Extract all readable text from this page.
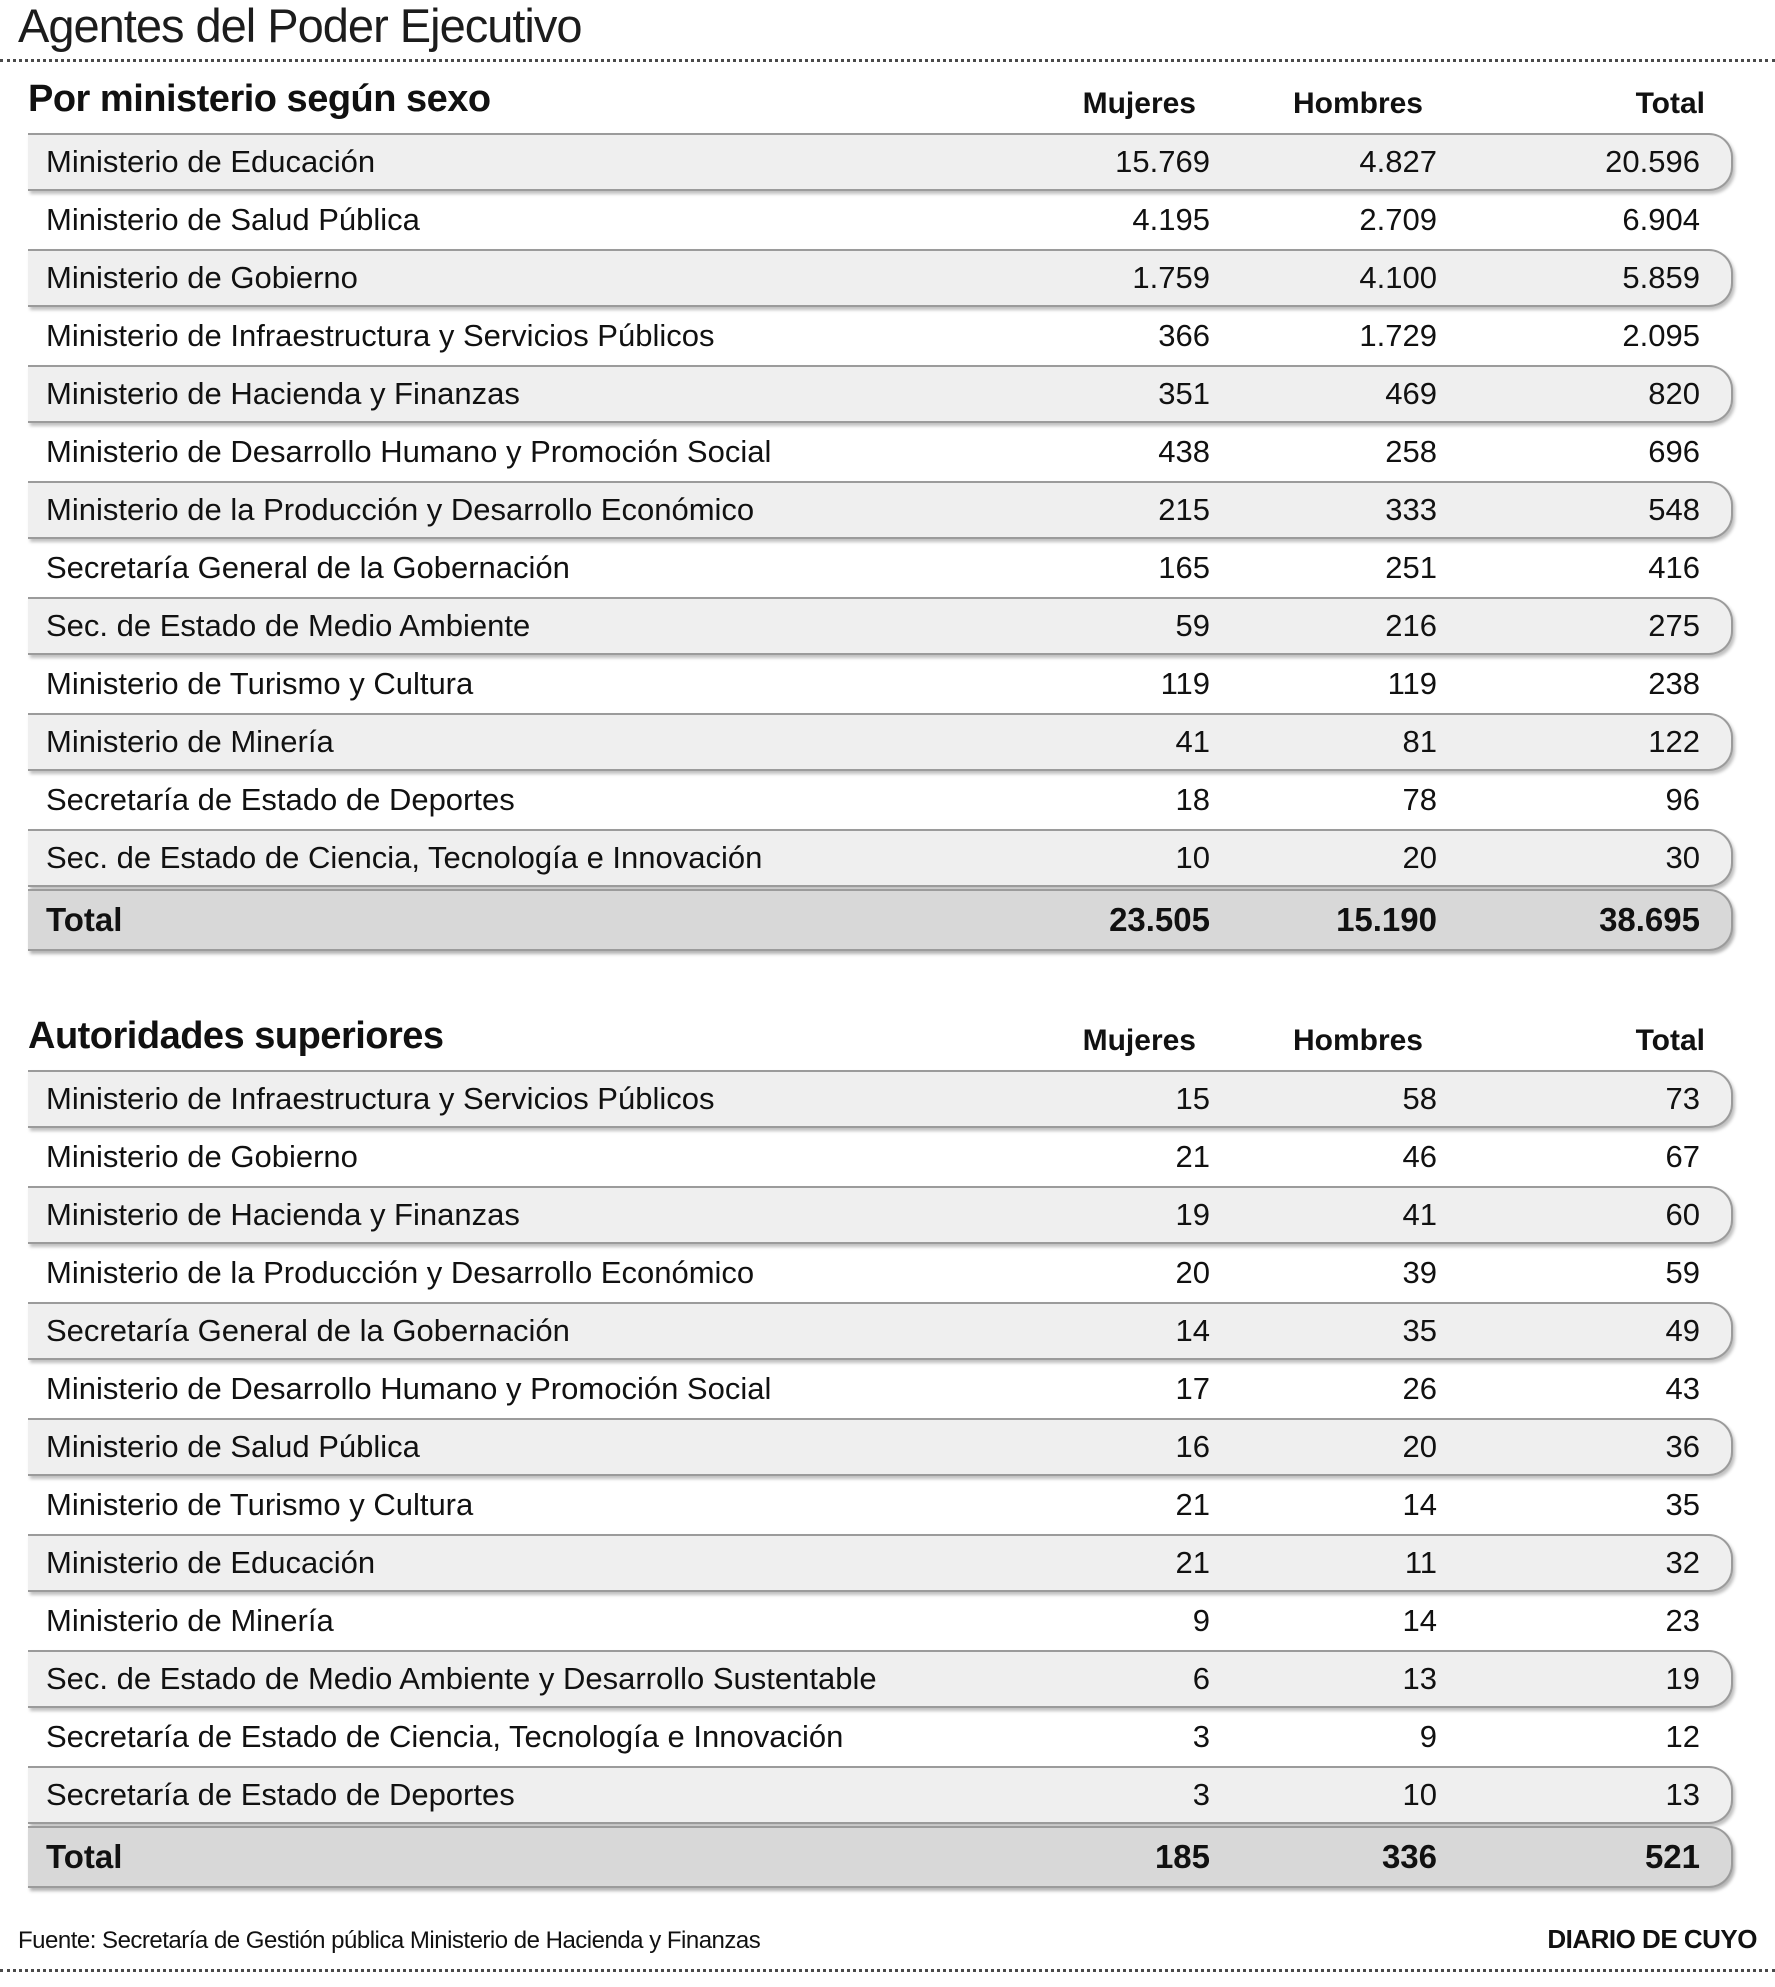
Agentes del Poder Ejecutivo
Por ministerio según sexo	Mujeres	Hombres	Total
Ministerio de Educación	15.769	4.827	20.596
Ministerio de Salud Pública	4.195	2.709	6.904
Ministerio de Gobierno	1.759	4.100	5.859
Ministerio de Infraestructura y Servicios Públicos	366	1.729	2.095
Ministerio de Hacienda y Finanzas	351	469	820
Ministerio de Desarrollo Humano y Promoción Social	438	258	696
Ministerio de la Producción y Desarrollo Económico	215	333	548
Secretaría General de la Gobernación	165	251	416
Sec. de Estado de Medio Ambiente	59	216	275
Ministerio de Turismo y Cultura	119	119	238
Ministerio de Minería	41	81	122
Secretaría de Estado de Deportes	18	78	96
Sec. de Estado de Ciencia, Tecnología e Innovación	10	20	30
Total	23.505	15.190	38.695
Autoridades superiores	Mujeres	Hombres	Total
Ministerio de Infraestructura y Servicios Públicos	15	58	73
Ministerio de Gobierno	21	46	67
Ministerio de Hacienda y Finanzas	19	41	60
Ministerio de la Producción y Desarrollo Económico	20	39	59
Secretaría General de la Gobernación	14	35	49
Ministerio de Desarrollo Humano y Promoción Social	17	26	43
Ministerio de Salud Pública	16	20	36
Ministerio de Turismo y Cultura	21	14	35
Ministerio de Educación	21	11	32
Ministerio de Minería	9	14	23
Sec. de Estado de Medio Ambiente y Desarrollo Sustentable	6	13	19
Secretaría de Estado de Ciencia, Tecnología e Innovación	3	9	12
Secretaría de Estado de Deportes	3	10	13
Total	185	336	521
Fuente: Secretaría de Gestión pública Ministerio de Hacienda y Finanzas	DIARIO DE CUYO
